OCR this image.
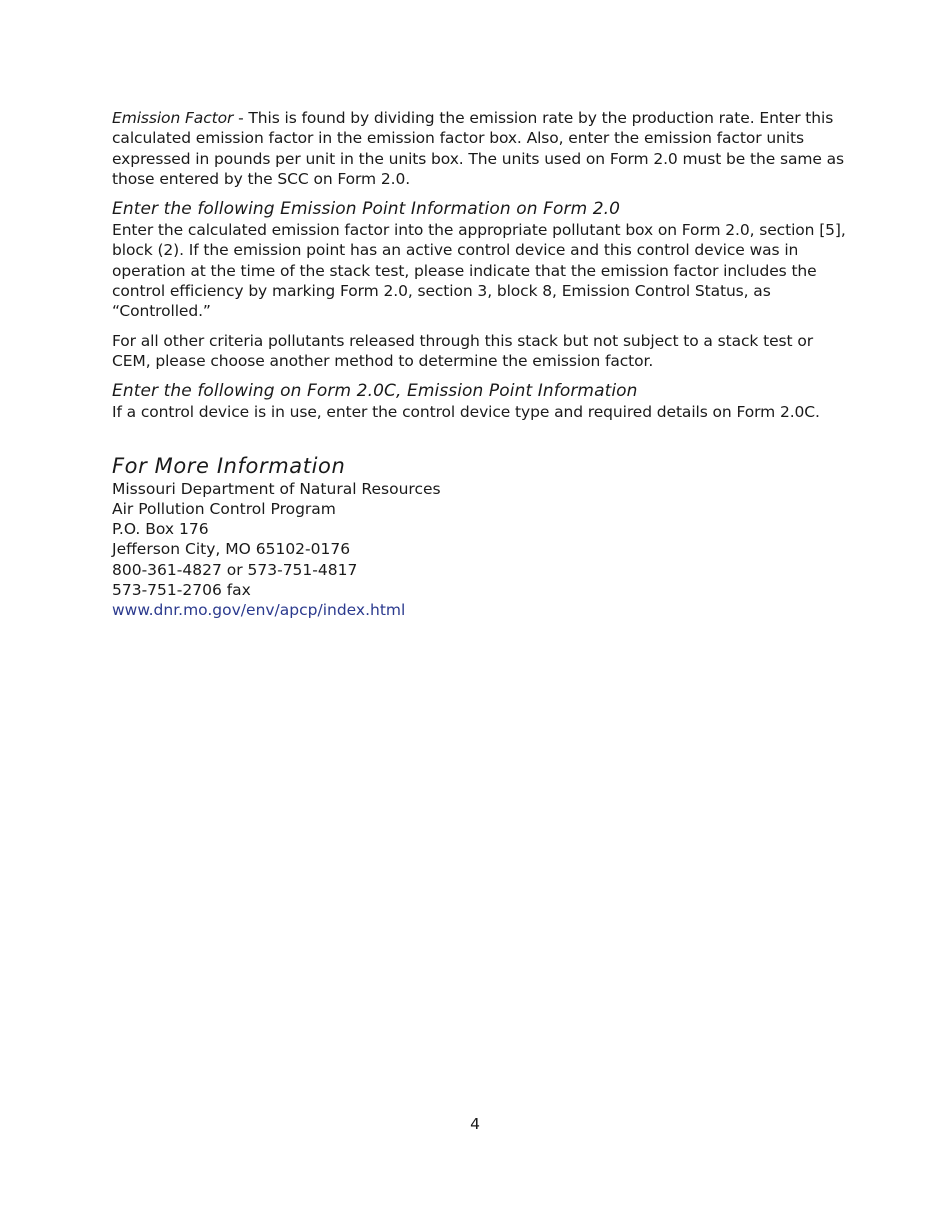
Emission Factor - This is found by dividing the emission rate by the production rate. Enter this calculated emission factor in the emission factor box. Also, enter the emission factor units expressed in pounds per unit in the units box. The units used on Form 2.0 must be the same as those entered by the SCC on Form 2.0.

Enter the following Emission Point Information on Form 2.0

Enter the calculated emission factor into the appropriate pollutant box on Form 2.0, section [5], block (2). If the emission point has an active control device and this control device was in operation at the time of the stack test, please indicate that the emission factor includes the control efficiency by marking Form 2.0, section 3, block 8, Emission Control Status, as “Controlled.”

For all other criteria pollutants released through this stack but not subject to a stack test or CEM, please choose another method to determine the emission factor.

Enter the following on Form 2.0C, Emission Point Information

If a control device is in use, enter the control device type and required details on Form 2.0C.

For More Information

Missouri Department of Natural Resources
Air Pollution Control Program
P.O. Box 176
Jefferson City, MO 65102-0176
800-361-4827 or 573-751-4817
573-751-2706 fax
www.dnr.mo.gov/env/apcp/index.html
4
